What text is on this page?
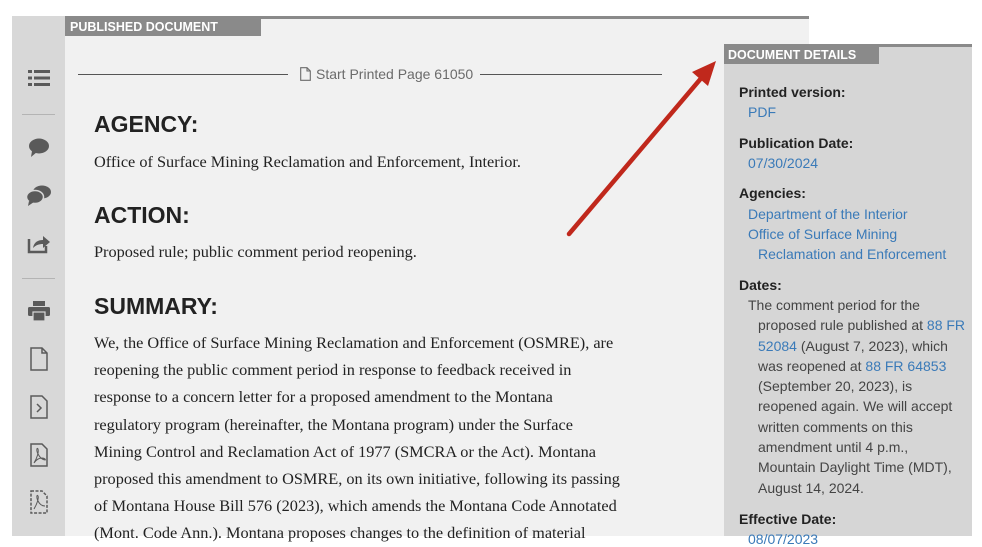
PUBLISHED DOCUMENT
Start Printed Page 61050
AGENCY:

Office of Surface Mining Reclamation and Enforcement, Interior.

ACTION:

Proposed rule; public comment period reopening.

SUMMARY:
We, the Office of Surface Mining Reclamation and Enforcement (OSMRE), are
reopening the public comment period in response to feedback received in
response to a concern letter for a proposed amendment to the Montana
regulatory program (hereinafter, the Montana program) under the Surface
Mining Control and Reclamation Act of 1977 (SMCRA or the Act). Montana
proposed this amendment to OSMRE, on its own initiative, following its passing
of Montana House Bill 576 (2023), which amends the Montana Code Annotated
(Mont. Code Ann.). Montana proposes changes to the definition of material
DOCUMENT DETAILS
Printed version:
PDF
Publication Date:
07/30/2024
Agencies:
Department of the Interior
Office of Surface Mining
Reclamation and Enforcement
Dates:
The comment period for the
proposed rule published at 88 FR
52084 (August 7, 2023), which
was reopened at 88 FR 64853
(September 20, 2023), is
reopened again. We will accept
written comments on this
amendment until 4 p.m.,
Mountain Daylight Time (MDT),
August 14, 2024.
Effective Date:
08/07/2023
